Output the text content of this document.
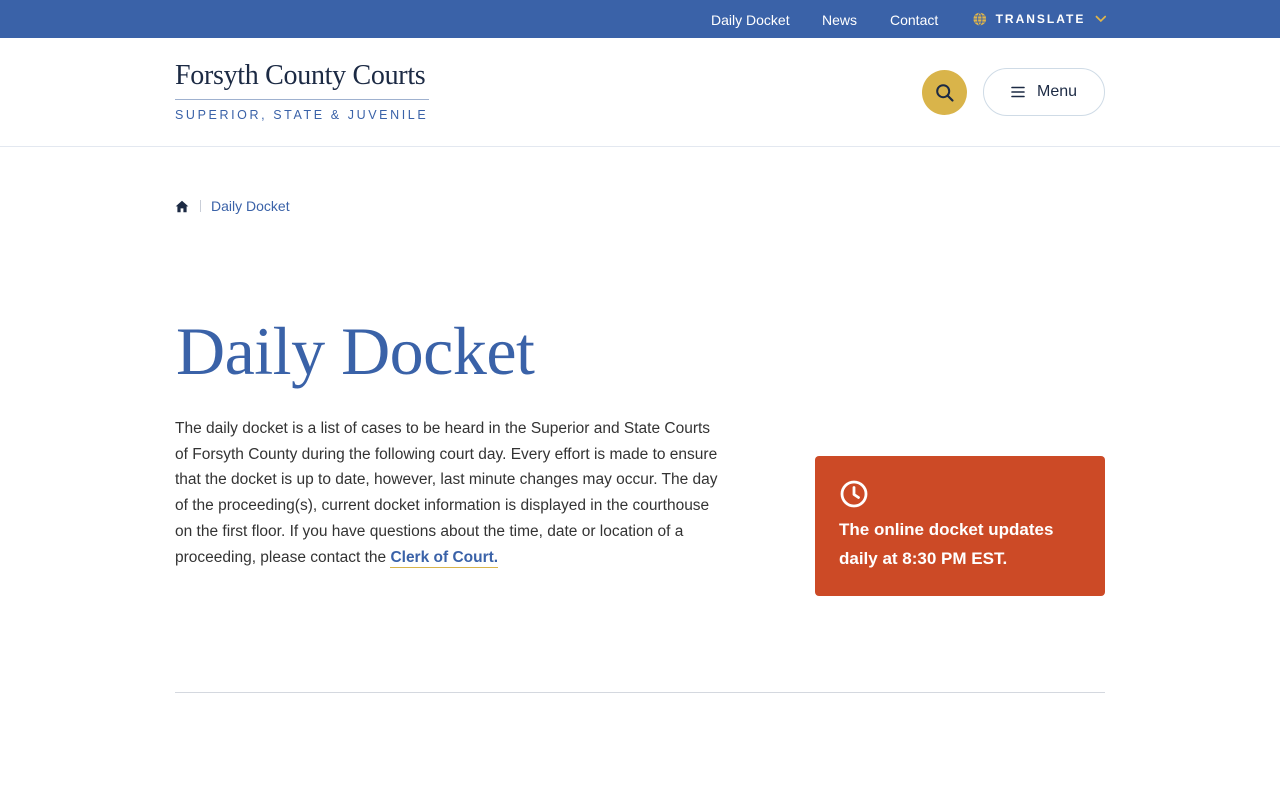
Daily Docket News Contact	TRANSLATE
Forsyth County Courts
SUPERIOR, STATE & JUVENILE
Menu
Daily Docket
Daily Docket

The daily docket is a list of cases to be heard in the Superior and State Courts of Forsyth County during the following court day. Every effort is made to ensure that the docket is up to date, however, last minute changes may occur. The day of the proceeding(s), current docket information is displayed in the courthouse on the first floor. If you have questions about the time, date or location of a proceeding, please contact the Clerk of Court.

The online docket updates daily at 8:30 PM EST.
